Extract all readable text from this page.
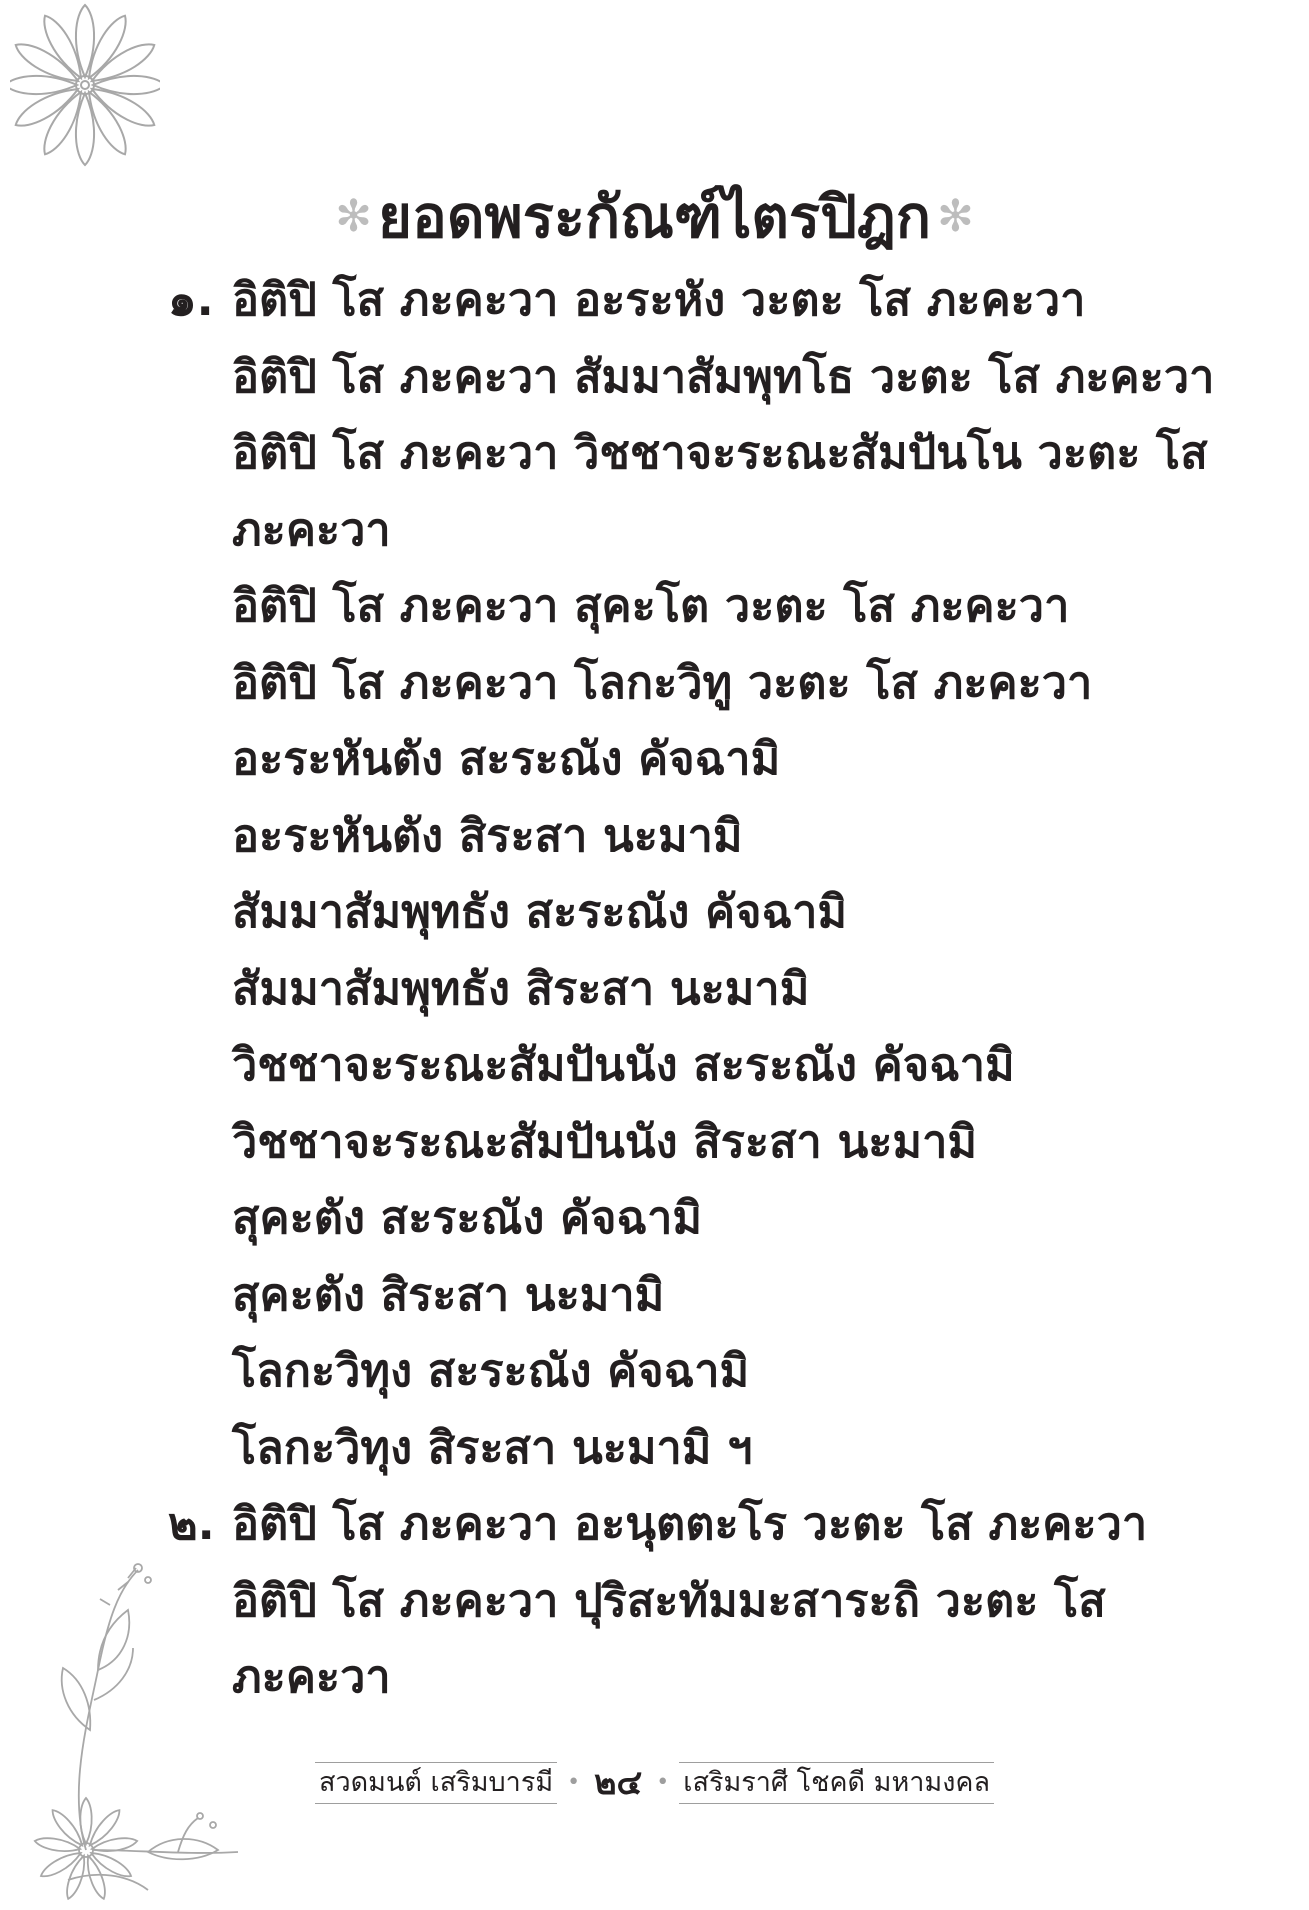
✻ ยอดพระกัณฑ์ไตรปิฎก ✻
๑. อิติปิ โส ภะคะวา อะระหัง วะตะ โส ภะคะวา
อิติปิ โส ภะคะวา สัมมาสัมพุทโธ วะตะ โส ภะคะวา
อิติปิ โส ภะคะวา วิชชาจะระณะสัมปันโน วะตะ โส
ภะคะวา
อิติปิ โส ภะคะวา สุคะโต วะตะ โส ภะคะวา
อิติปิ โส ภะคะวา โลกะวิทู วะตะ โส ภะคะวา
อะระหันตัง สะระณัง คัจฉามิ
อะระหันตัง สิระสา นะมามิ
สัมมาสัมพุทธัง สะระณัง คัจฉามิ
สัมมาสัมพุทธัง สิระสา นะมามิ
วิชชาจะระณะสัมปันนัง สะระณัง คัจฉามิ
วิชชาจะระณะสัมปันนัง สิระสา นะมามิ
สุคะตัง สะระณัง คัจฉามิ
สุคะตัง สิระสา นะมามิ
โลกะวิทุง สะระณัง คัจฉามิ
โลกะวิทุง สิระสา นะมามิ ฯ
๒. อิติปิ โส ภะคะวา อะนุตตะโร วะตะ โส ภะคะวา
อิติปิ โส ภะคะวา ปุริสะทัมมะสาระถิ วะตะ โส
ภะคะวา
สวดมนต์ เสริมบารมี • ๒๔ • เสริมราศี โชคดี มหามงคล
